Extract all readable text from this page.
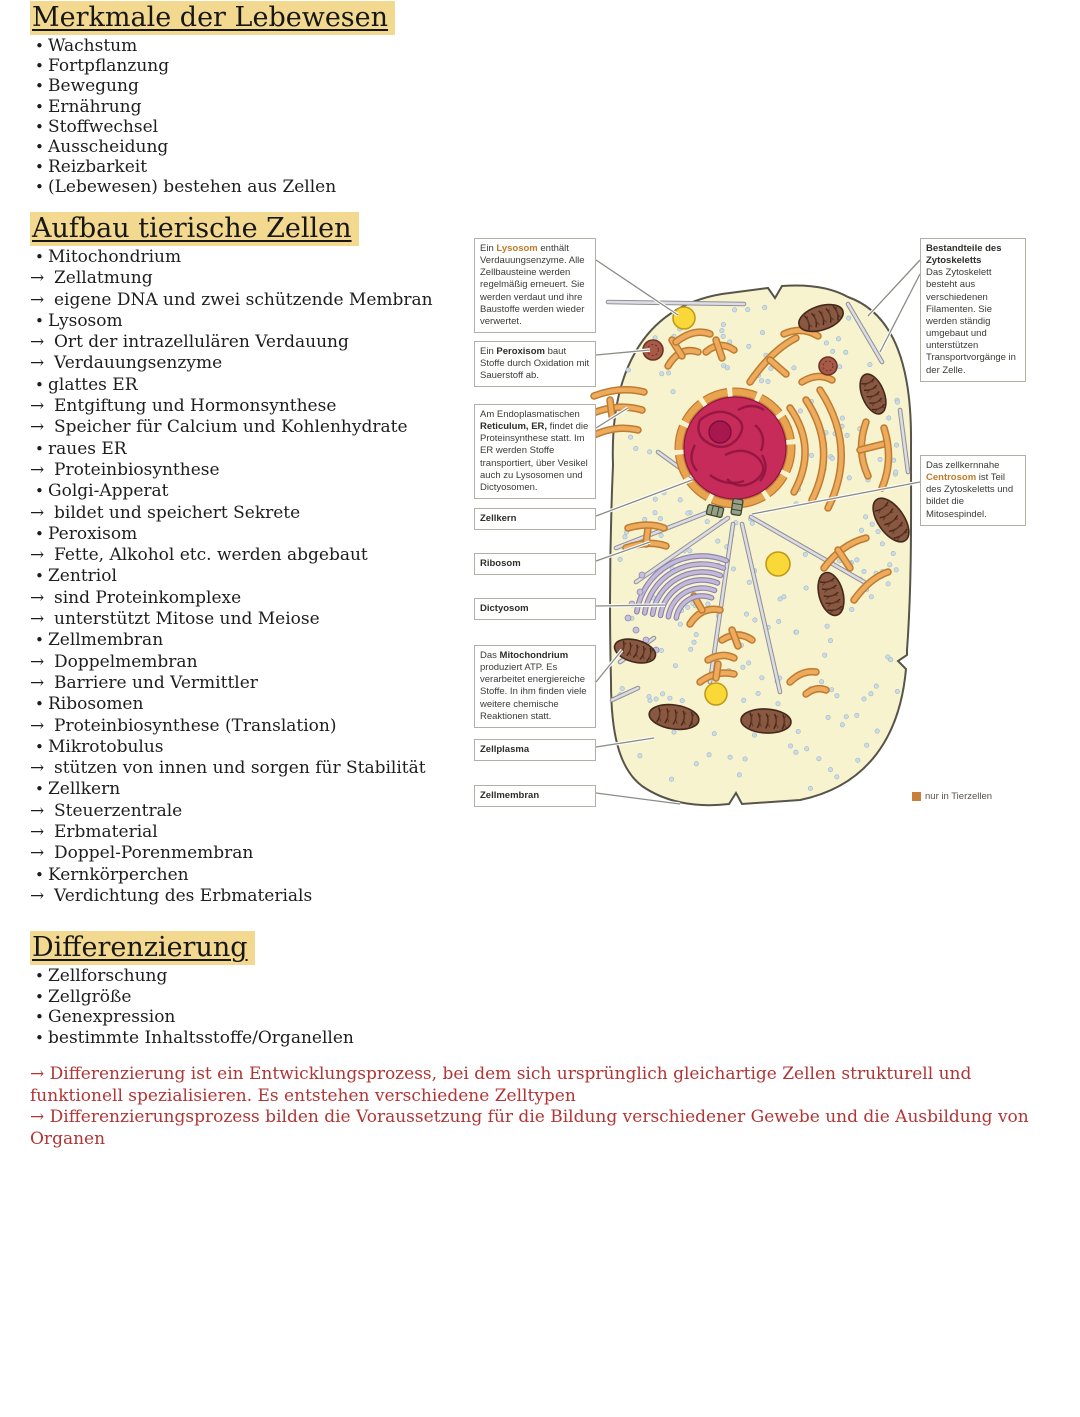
Merkmale der Lebewesen
• Wachstum
• Fortpflanzung
• Bewegung
• Ernährung
• Stoffwechsel
• Ausscheidung
• Reizbarkeit
• (Lebewesen) bestehen aus Zellen
Aufbau tierische Zellen
• Mitochondrium
→ Zellatmung
→ eigene DNA und zwei schützende Membran
• Lysosom
→ Ort der intrazellulären Verdauung
→ Verdauungsenzyme
• glattes ER
→ Entgiftung und Hormonsynthese
→ Speicher für Calcium und Kohlenhydrate
• raues ER
→ Proteinbiosynthese
• Golgi-Apperat
→ bildet und speichert Sekrete
• Peroxisom
→ Fette, Alkohol etc. werden abgebaut
• Zentriol
→ sind Proteinkomplexe
→ unterstützt Mitose und Meiose
• Zellmembran
→ Doppelmembran
→ Barriere und Vermittler
• Ribosomen
→ Proteinbiosynthese (Translation)
• Mikrotobulus
→ stützen von innen und sorgen für Stabilität
• Zellkern
→ Steuerzentrale
→ Erbmaterial
→ Doppel-Porenmembran
• Kernkörperchen
→ Verdichtung des Erbmaterials
Differenzierung
• Zellforschung
• Zellgröße
• Genexpression
• bestimmte Inhaltsstoffe/Organellen

→ Differenzierung ist ein Entwicklungsprozess, bei dem sich ursprünglich gleichartige Zellen strukturell und funktionell spezialisieren. Es entstehen verschiedene Zelltypen

→ Differenzierungsprozess bilden die Voraussetzung für die Bildung verschiedener Gewebe und die Ausbildung von Organen

Ein Lysosom enthält Verdauungsenzyme. Alle Zellbausteine werden regelmäßig erneuert. Sie werden verdaut und ihre Baustoffe werden wieder verwertet.
Ein Peroxisom baut Stoffe durch Oxidation mit Sauerstoff ab.
Am Endoplasmatischen Reticulum, ER, findet die Proteinsynthese statt. Im ER werden Stoffe transportiert, über Vesikel auch zu Lysosomen und Dictyosomen.
Zellkern
Ribosom
Dictyosom
Das Mitochondrium produziert ATP. Es verarbeitet energiereiche Stoffe. In ihm finden viele weitere chemische Reaktionen statt.
Zellplasma
Zellmembran
Bestandteile des Zytoskeletts
Das Zytoskelett besteht aus verschiedenen Filamenten. Sie werden ständig umgebaut und unterstützen Transportvorgänge in der Zelle.
Das zellkernnahe Centrosom ist Teil des Zytoskeletts und bildet die Mitosespindel.
nur in Tierzellen
